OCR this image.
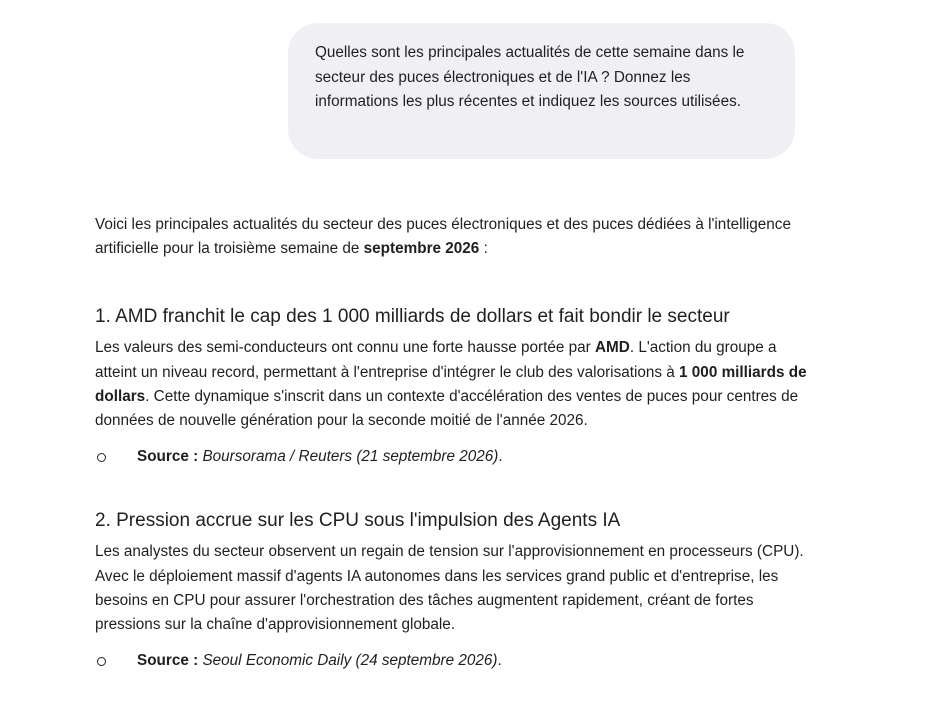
Quelles sont les principales actualités de cette semaine dans le secteur des puces électroniques et de l'IA ? Donnez les informations les plus récentes et indiquez les sources utilisées.

Voici les principales actualités du secteur des puces électroniques et des puces dédiées à l'intelligence artificielle pour la troisième semaine de septembre 2026 :

1. AMD franchit le cap des 1 000 milliards de dollars et fait bondir le secteur

Les valeurs des semi-conducteurs ont connu une forte hausse portée par AMD. L'action du groupe a atteint un niveau record, permettant à l'entreprise d'intégrer le club des valorisations à 1 000 milliards de dollars. Cette dynamique s'inscrit dans un contexte d'accélération des ventes de puces pour centres de données de nouvelle génération pour la seconde moitié de l'année 2026.

Source : Boursorama / Reuters (21 septembre 2026).
2. Pression accrue sur les CPU sous l'impulsion des Agents IA

Les analystes du secteur observent un regain de tension sur l'approvisionnement en processeurs (CPU). Avec le déploiement massif d'agents IA autonomes dans les services grand public et d'entreprise, les besoins en CPU pour assurer l'orchestration des tâches augmentent rapidement, créant de fortes pressions sur la chaîne d'approvisionnement globale.

Source : Seoul Economic Daily (24 septembre 2026).
